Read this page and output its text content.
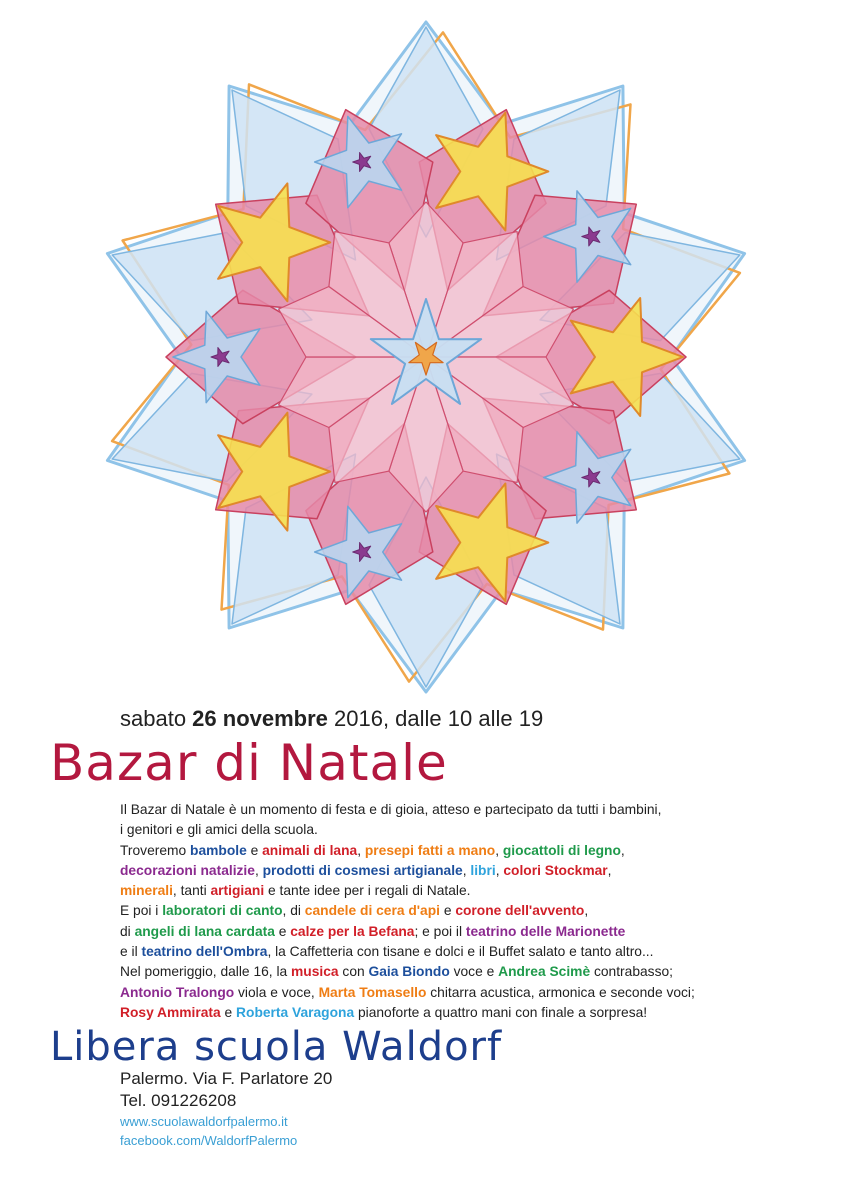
sabato 26 novembre 2016, dalle 10 alle 19
Bazar di Natale
Il Bazar di Natale è un momento di festa e di gioia, atteso e partecipato da tutti i bambini,
i genitori e gli amici della scuola.
Troveremo bambole e animali di lana, presepi fatti a mano, giocattoli di legno,
decorazioni natalizie, prodotti di cosmesi artigianale, libri, colori Stockmar,
minerali, tanti artigiani e tante idee per i regali di Natale.
E poi i laboratori di canto, di candele di cera d'api e corone dell'avvento,
di angeli di lana cardata e calze per la Befana; e poi il teatrino delle Marionette
e il teatrino dell'Ombra, la Caffetteria con tisane e dolci e il Buffet salato e tanto altro...
Nel pomeriggio, dalle 16, la musica con Gaia Biondo voce e Andrea Scimè contrabasso;
Antonio Tralongo viola e voce, Marta Tomasello chitarra acustica, armonica e seconde voci;
Rosy Ammirata e Roberta Varagona pianoforte a quattro mani con finale a sorpresa!
Libera scuola Waldorf
Palermo. Via F. Parlatore 20
Tel. 091226208
www.scuolawaldorfpalermo.it
facebook.com/WaldorfPalermo
